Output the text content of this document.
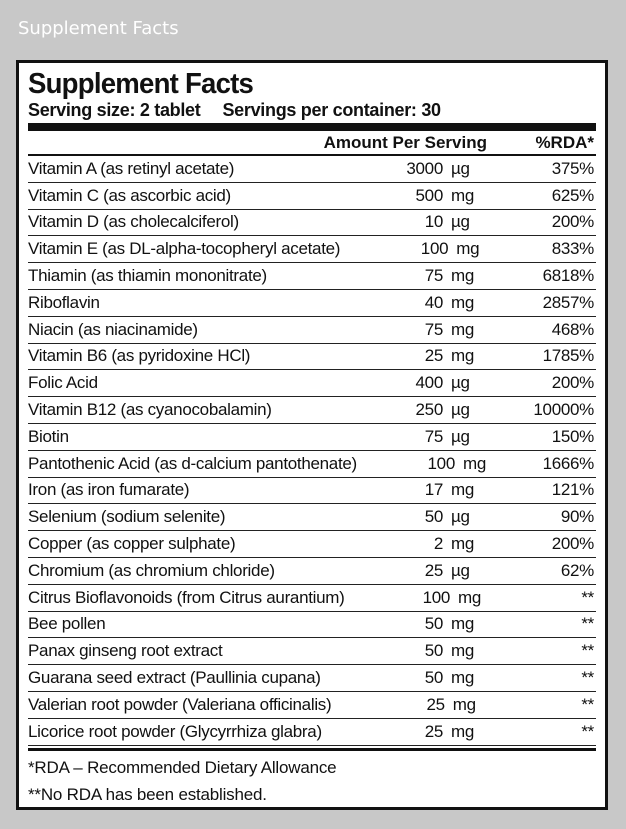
Supplement Facts
Supplement Facts
Serving size: 2 tablet Servings per container: 30
Amount Per Serving	%RDA*
Vitamin A (as retinyl acetate)	3000 µg	375%
Vitamin C (as ascorbic acid)	500 mg	625%
Vitamin D (as cholecalciferol)	10 µg	200%
Vitamin E (as DL-alpha-tocopheryl acetate)	100 mg	833%
Thiamin (as thiamin mononitrate)	75 mg	6818%
Riboflavin	40 mg	2857%
Niacin (as niacinamide)	75 mg	468%
Vitamin B6 (as pyridoxine HCl)	25 mg	1785%
Folic Acid	400 µg	200%
Vitamin B12 (as cyanocobalamin)	250 µg	10000%
Biotin	75 µg	150%
Pantothenic Acid (as d-calcium pantothenate)	100 mg	1666%
Iron (as iron fumarate)	17 mg	121%
Selenium (sodium selenite)	50 µg	90%
Copper (as copper sulphate)	2 mg	200%
Chromium (as chromium chloride)	25 µg	62%
Citrus Bioflavonoids (from Citrus aurantium)	100 mg	**
Bee pollen	50 mg	**
Panax ginseng root extract	50 mg	**
Guarana seed extract (Paullinia cupana)	50 mg	**
Valerian root powder (Valeriana officinalis)	25 mg	**
Licorice root powder (Glycyrrhiza glabra)	25 mg	**
*RDA – Recommended Dietary Allowance
**No RDA has been established.
